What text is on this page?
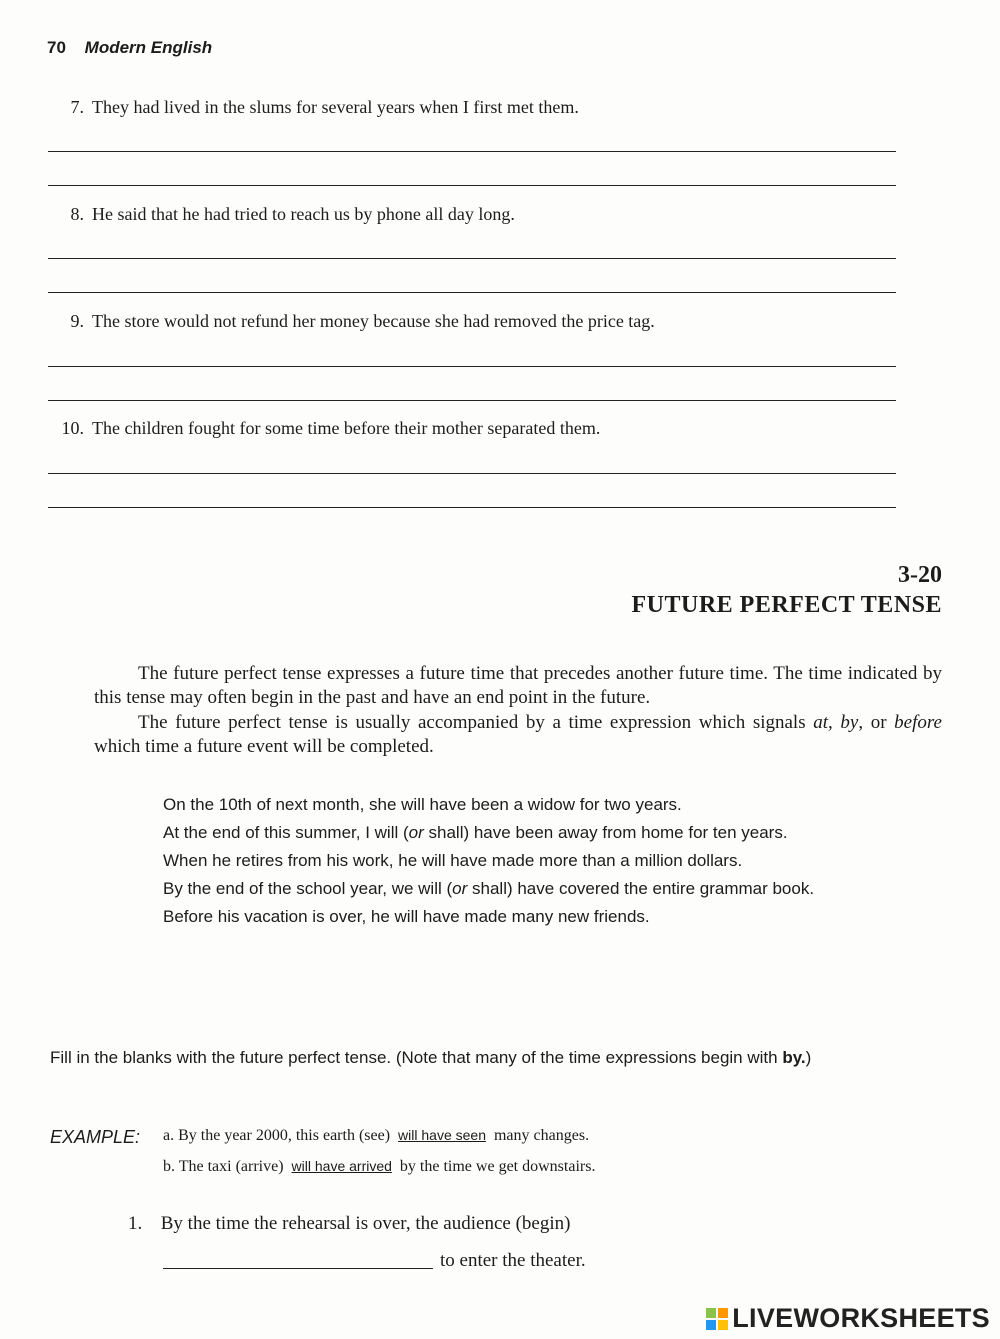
70 Modern English
7. They had lived in the slums for several years when I first met them.
8. He said that he had tried to reach us by phone all day long.
9. The store would not refund her money because she had removed the price tag.
10. The children fought for some time before their mother separated them.
3-20
FUTURE PERFECT TENSE

The future perfect tense expresses a future time that precedes another future time. The time indicated by this tense may often begin in the past and have an end point in the future.

The future perfect tense is usually accompanied by a time expression which signals at, by, or before which time a future event will be completed.

On the 10th of next month, she will have been a widow for two years.

At the end of this summer, I will (or shall) have been away from home for ten years.

When he retires from his work, he will have made more than a million dollars.

By the end of the school year, we will (or shall) have covered the entire grammar book.

Before his vacation is over, he will have made many new friends.

Fill in the blanks with the future perfect tense. (Note that many of the time expressions begin with by.)
EXAMPLE: a. By the year 2000, this earth (see) will have seen many changes.
b. The taxi (arrive) will have arrived by the time we get downstairs.
1. By the time the rehearsal is over, the audience (begin)
to enter the theater.
LIVEWORKSHEETS
